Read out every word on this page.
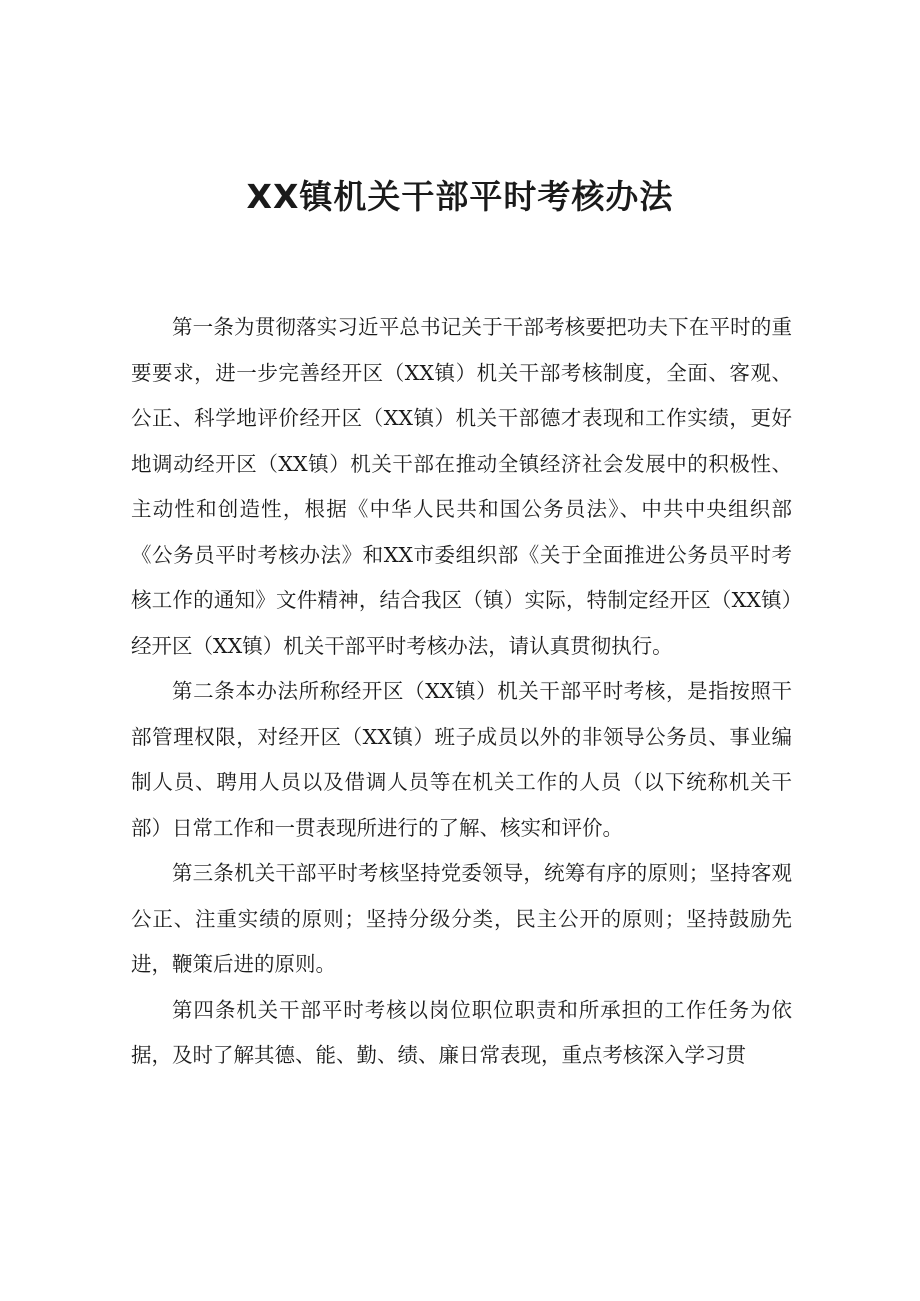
XX镇机关干部平时考核办法

第一条为贯彻落实习近平总书记关于干部考核要把功夫下在平时的重要要求，进一步完善经开区（XX镇）机关干部考核制度，全面、客观、公正、科学地评价经开区（XX镇）机关干部德才表现和工作实绩，更好地调动经开区（XX镇）机关干部在推动全镇经济社会发展中的积极性、主动性和创造性，根据《中华人民共和国公务员法》、中共中央组织部《公务员平时考核办法》和XX市委组织部《关于全面推进公务员平时考核工作的通知》文件精神，结合我区（镇）实际，特制定经开区（XX镇）经开区（XX镇）机关干部平时考核办法，请认真贯彻执行。

第二条本办法所称经开区（XX镇）机关干部平时考核，是指按照干部管理权限，对经开区（XX镇）班子成员以外的非领导公务员、事业编制人员、聘用人员以及借调人员等在机关工作的人员（以下统称机关干部）日常工作和一贯表现所进行的了解、核实和评价。

第三条机关干部平时考核坚持党委领导，统筹有序的原则；坚持客观公正、注重实绩的原则；坚持分级分类，民主公开的原则；坚持鼓励先进，鞭策后进的原则。

第四条机关干部平时考核以岗位职位职责和所承担的工作任务为依据，及时了解其德、能、勤、绩、廉日常表现，重点考核深入学习贯
